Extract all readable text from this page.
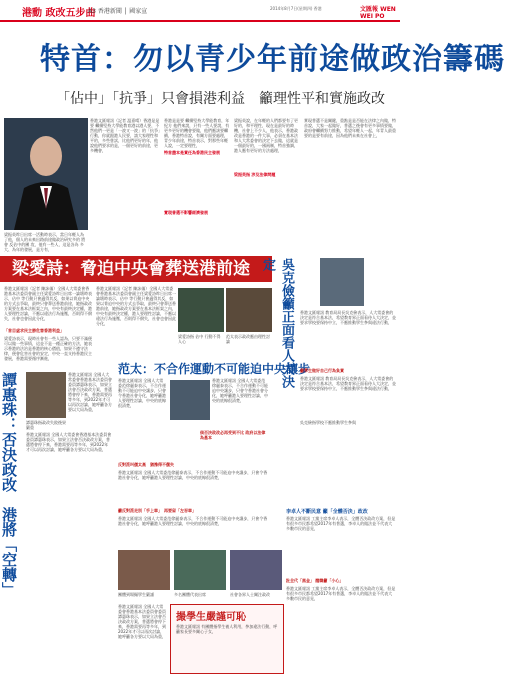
港動 政改五步曲
A3 香港新聞 │ 國家宣	2014年8月7日(星期四) 香港	文匯報 WEN WEI PO
特首：勿以青少年前途做政治籌碼
「佔中」「抗爭」只會損港利益　籲理性平和實施政改
梁振英昨日出席一活動時表示，當日年輕人為 了他，個人的未來出路前途做政治研究多的 將會 反佔中的團 攻，他有一些人，這是各為 多大、為年的發展，是方有，
香港文匯報訊（記者 溫嘉晴）香港是是要 繼續堅持大學能教育港以港人要，不然他們一更是「一波又一波」的「抗爭」行動，你就跟港人民要，請大家理性和平的，多些嘗試，比他們更好的年，他說他們要求的是，一個更好的前途，更多機會，
香港是是要 繼續堅持大學能教育，年紀方 他們來說，只有一些人要說，有更多更好的機會要做，他們應該要繼續，香港特首說，有關方面要處理，青少年前途，特首表示，對那些年輕人說，一定要理性，
梁振英說，在年輕的人們都要有了更好的，和平理性，現在是最好的時機，社會上不少人，他表示，香港政改是香港的一件大事，必須在基本法和人大常委會的決定下去做，這就是一個最好的，一國兩制，特首強調，港人應有更好的方法處理，
實現普選不是關鍵，重點是是否能在法律之內做，特首說，大家一起做好，普選之後會有更多事情要做，政府會繼續努力推動，希望年輕人一起，年青人最重要的是要有前途，因為他們未來在社會上，
特首盡本是責任為香港民主發展
實現普選不影響經濟發展
梁振英指 涉及法律問題
梁愛詩：脅迫中央會葬送港前途
香港文匯報訊（記者 陳詠儀）全國人大常委會香港基本法委員會副主任梁愛詩昨日出席一論壇時表示，佔中 等行動只會適得其反，如果以脅迫中央的方式去爭取，最終只會葬送香港前途，她指政改方案要在基本法框架之內，中央有最終決定權，港人要理性討論，不應以違法行為施壓，否則得不償失，社會也會因此分化，
「首目虛求民主勝危害香港利益」
梁愛詩表示，現時社會有一些人認為，只要不滿便可以做一些事情，這並不是一種正確的方法，她表示香港的法治是香港的核心價值，如果不遵守法律，便會危害社會的安定，中央一直支持香港民主發展，香港需要循序漸進，
香港文匯報訊（記者 陳詠儀）全國人大常委會香港基本法委員會副主任梁愛詩昨日出席一論壇時表示，佔中 等行動只會適得其反，如果以脅迫中央的方式去爭取，最終只會葬送香港前途，她指政改方案要在基本法框架之內，中央有最終決定權，港人要理性討論，不應以違法行為施壓，否則得不償失，社會也會因此分化，
梁愛詩指 佔中 行動不得人心
范太表示政改應由理性討論
譚惠珠：否決政改　港將「空轉」
譚惠珠指政改失敗後果嚴重
香港文匯報訊 全國人大常委會香港基本法委員會委員譚惠珠表示，如果立法會否決政改方案，普選將會停下來，香港需要再等多年，到2022年才可以再次討論，她呼籲各方要以大局為重，
香港文匯報訊 全國人大常委會香港基本法委員會委員譚惠珠表示，如果立法會否決政改方案，普選將會停下來，香港需要再等多年，到2022年才可以再次討論，她呼籲各方要以大局為重，
范太：不合作運動不可能迫中央讓步
香港文匯報訊 全國人大常委范徐麗泰表示，不合作運動不可能迫中央讓步，只會令香港社會分化，她呼籲港人要理性討論，中央的底線很清楚，
香港文匯報訊 全國人大常委范徐麗泰表示，不合作運動不可能迫中央讓步，只會令香港社會分化，她呼籲港人要理性討論，中央的底線很清楚，
反對派叫價太高　猶豫得不償失
香港文匯報訊 全國人大常委范徐麗泰表示，不合作運動不可能迫中央讓步，只會令香港社會分化，她呼籲港人要理性討論，中央的底線很清楚，
籲反對派走別「手上車」　再要留「左吞車」
香港文匯報訊 全國人大常委范徐麗泰表示，不合作運動不可能迫中央讓步，只會令香港社會分化，她呼籲港人要理性討論，中央的底線很清楚，
倘否決政改必再受到不比 政府以法律為基本
吳克儉籲正面看人大決定
香港文匯報訊 教育局局長吳克儉表示，人大常委會的決定是符合基本法，希望教育界正面看待人大決定，並要求學校要保持中立，不應推動學生參與違法行動，
籲學生做好自己行為負責
香港文匯報訊 教育局局長吳克儉表示，人大常委會的決定是符合基本法，希望教育界正面看待人大決定，並要求學校要保持中立，不應推動學生參與違法行動，
吳克儉指學校不應推動學生參與
李卓人不斷民意 籲「全體否決」政改
香港文匯報訊 工黨主席李卓人表示，全體否決政改方案，但是有很多市民都希望2017年有普選，李卓人的做法並不代表大多數市民的意見，
批全代「黑金」 醒韓籲「小心」
香港文匯報訊 工黨主席李卓人表示，全體否決政改方案，但是有很多市民都希望2017年有普選，李卓人的做法並不代表大多數市民的意見，
團體到場撮學生嚴謹	多名團體代表出席	社會各界人士關注政改
撮學生嚴謹可恥
香港文匯報訊 有團體指學生被人利用，參加違法行動，呼籲家長要多關心子女，
香港文匯報訊 全國人大常委會香港基本法委員會委員譚惠珠表示，如果立法會否決政改方案，普選將會停下來，香港需要再等多年，到2022年才可以再次討論，她呼籲各方要以大局為重，
